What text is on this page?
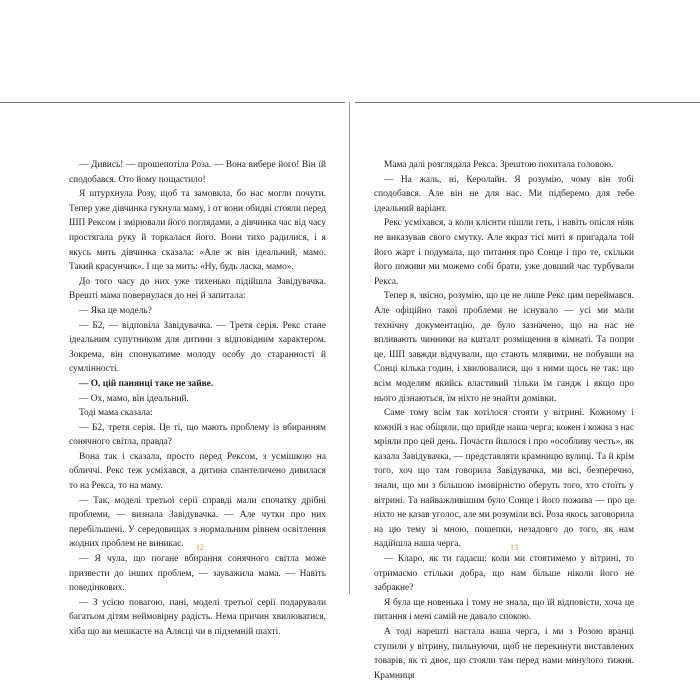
— Дивись! — прошепотіла Роза. — Вона вибере його! Він їй сподобався. Ото йому пощастило!

Я штурхнула Розу, щоб та замовкла, бо нас могли почути. Тепер уже дівчинка гукнула маму, і от вони обидві стояли перед ШП Рексом і змірювали його поглядами, а дівчинка час від часу простягала руку й торкалася його. Вони тихо радилися, і я якусь мить дівчинка сказала: «Але ж він ідеальний, мамо. Такий красунчик». І ще за мить: «Ну, будь ласка, мамо».

До того часу до них уже тихенько підійшла Завідувачка. Врешті мама повернулася до неї й запитала:

— Яка це модель?

— Б2, — відповіла Завідувачка. — Третя серія. Рекс стане ідеальним супутником для дитини з відповідним характером. Зокрема, він спонукатиме молоду особу до старанності й сумлінності.

— О, цій панянці таке не зайве.

— Ох, мамо, він ідеальний.

Тоді мама сказала:

— Б2, третя серія. Це ті, що мають проблему із вбиранням сонячного світла, правда?

Вона так і сказала, просто перед Рексом, з усмішкою на обличчі. Рекс теж усміхався, а дитина спантеличено дивилася то на Рекса, то на маму.

— Так, моделі третьої серії справді мали спочатку дрібні проблеми, — визнала Завідувачка. — Але чутки про них перебільшені. У середовищах з нормальним рівнем освітлення жодних проблем не виникає.

— Я чула, що погане вбирання сонячного світла може призвести до інших проблем, — зауважила мама. — Навіть поведінкових.

— З усією повагою, пані, моделі третьої серії подарували багатьом дітям неймовірну радість. Нема причин хвилюватися, хіба що ви мешкаєте на Алясці чи в підземній шахті.

Мама далі розглядала Рекса. Зрештою похитала головою.

— На жаль, ні, Керолайн. Я розумію, чому він тобі сподобався. Але він не для нас. Ми підберемо для тебе ідеальний варіант.

Рекс усміхався, а коли клієнти пішли геть, і навіть опісля ніяк не виказував свого смутку. Але якраз тієї миті я пригадала той його жарт і подумала, що питання про Сонце і про те, скільки його поживи ми можемо собі брати, уже довший час турбували Рекса.

Тепер я, звісно, розумію, що це не лише Рекс цим переймався. Але офіційно такої проблеми не існувало — усі ми мали технічну документацію, де було зазначено, що на нас не впливають чинники на кшталт розміщення в кімнаті. Та попри це, ШП завжди відчували, що стають млявими, не побувши на Сонці кілька годин, і хвилювалися, що з ними щось не так: що всім моделям якийсь властивий тільки їм гандж і якщо про нього дізнаються, їм ніхто не знайти домівки.

Саме тому всім так хотілося стояти у вітрині. Кожному і кожній з нас обіцяли, що прийде наша черга; кожен і кожна з нас мріяли про цей день. Почасти йшлося і про «особливу честь», як казала Завідувачка, — представляти крамницю вулиці. Та й крім того, хоч що там говорила Завідувачка, ми всі, безперечно, знали, що ми з більшою імовірністю оберуть того, хто стоїть у вітрині. Та найважливішим було Сонце і його пожива — про це ніхто не казав уголос, але ми розуміли всі. Роза якось заговорила на цю тему зі мною, пошепки, незадовго до того, як нам надійшла наша черга.

— Кларо, як ти гадаєш: коли ми стоятимемо у вітрині, то отримаємо стільки добра, що нам більше ніколи його не забракне?

Я була ще новенька і тому не знала, що їй відповісти, хоча це питання і мені самій не давало спокою.

А тоді нарешті настала наша черга, і ми з Розою вранці ступили у вітрину, пильнуючи, щоб не перекинути виставлених товарів, як ті двоє, що стояли там перед нами минулого тижня. Крамниця

12	13
